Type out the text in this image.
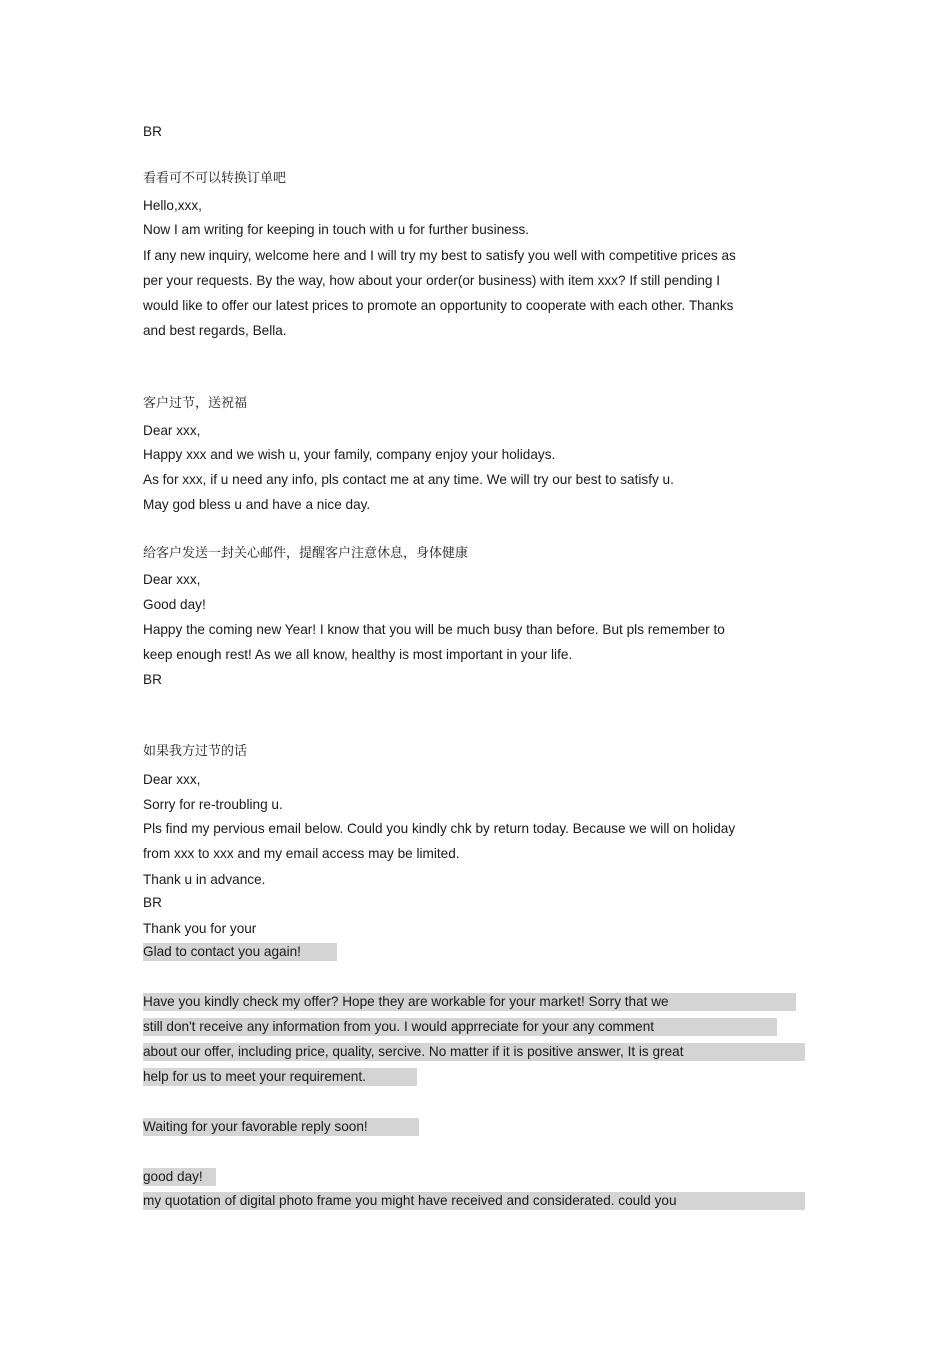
BR
看看可不可以转换订单吧
Hello,xxx,
Now I am writing for keeping in touch with u for further business.
If any new inquiry, welcome here and I will try my best to satisfy you well with competitive prices as
per your requests. By the way, how about your order(or business) with item xxx? If still pending I
would like to offer our latest prices to promote an opportunity to cooperate with each other. Thanks
and best regards, Bella.
客户过节，送祝福
Dear xxx,
Happy xxx and we wish u, your family, company enjoy your holidays.
As for xxx, if u need any info, pls contact me at any time. We will try our best to satisfy u.
May god bless u and have a nice day.
给客户发送一封关心邮件，提醒客户注意休息，身体健康
Dear xxx,
Good day!
Happy the coming new Year! I know that you will be much busy than before. But pls remember to
keep enough rest! As we all know, healthy is most important in your life.
BR
如果我方过节的话
Dear xxx,
Sorry for re-troubling u.
Pls find my pervious email below. Could you kindly chk by return today. Because we will on holiday
from xxx to xxx and my email access may be limited.
Thank u in advance.
BR
Thank you for your
Glad to contact you again!
Have you kindly check my offer? Hope they are workable for your market! Sorry that we
still don't receive any information from you. I would apprreciate for your any comment
about our offer, including price, quality, sercive. No matter if it is positive answer, It is great
help for us to meet your requirement.
Waiting for your favorable reply soon!
good day!
my quotation of digital photo frame you might have received and considerated. could you
